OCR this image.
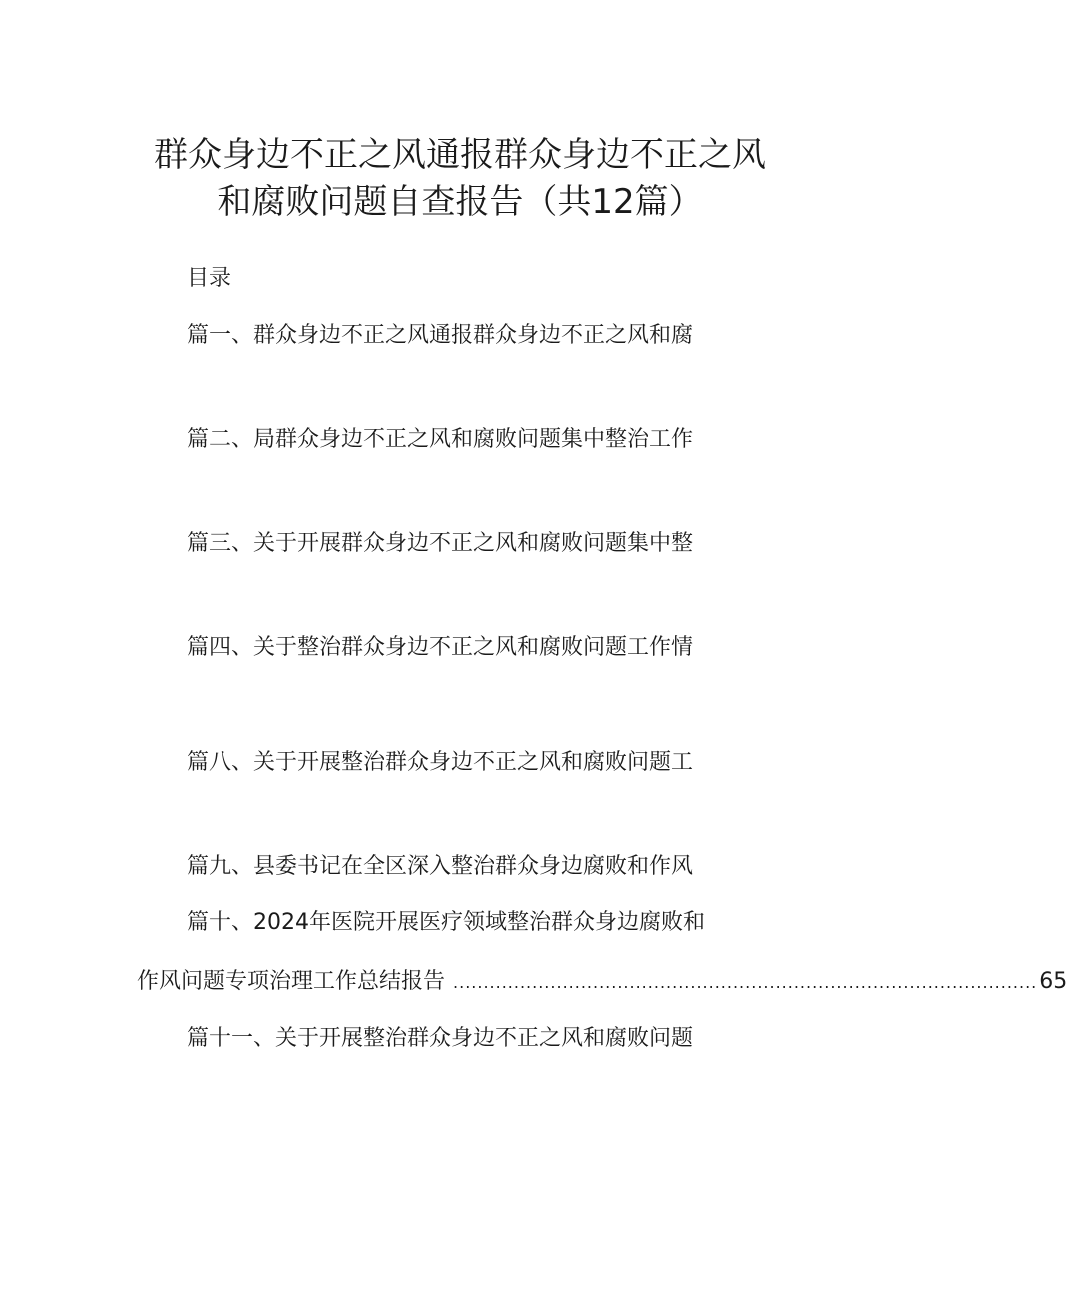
群众身边不正之风通报群众身边不正之风
和腐败问题自查报告（共12篇）
目录
篇一、群众身边不正之风通报群众身边不正之风和腐
篇二、局群众身边不正之风和腐败问题集中整治工作
篇三、关于开展群众身边不正之风和腐败问题集中整
篇四、关于整治群众身边不正之风和腐败问题工作情
篇八、关于开展整治群众身边不正之风和腐败问题工
篇九、县委书记在全区深入整治群众身边腐败和作风
篇十、2024年医院开展医疗领域整治群众身边腐败和
作风问题专项治理工作总结报告 ................................................................................................ 65
篇十一、关于开展整治群众身边不正之风和腐败问题
